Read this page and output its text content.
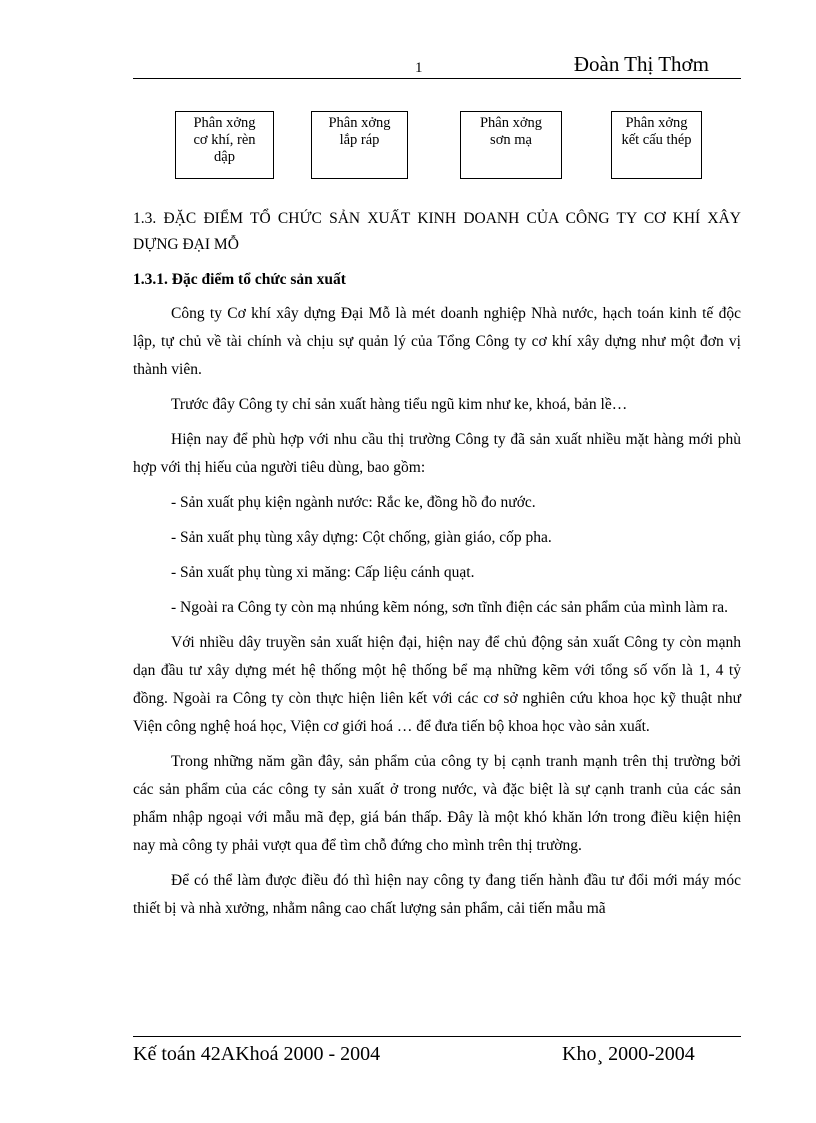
1	Đoàn Thị Thơm
Phân xởng
cơ khí, rèn
dập
Phân xởng
lắp ráp
Phân xởng
sơn mạ
Phân xởng
kết cấu thép

1.3. ĐẶC ĐIỂM TỔ CHỨC SẢN XUẤT KINH DOANH CỦA CÔNG TY CƠ KHÍ XÂY DỰNG ĐẠI MỖ

1.3.1. Đặc điểm tổ chức sản xuất

Công ty Cơ khí xây dựng Đại Mỗ là mét doanh nghiệp Nhà nước, hạch toán kinh tế độc lập, tự chủ về tài chính và chịu sự quản lý của Tổng Công ty cơ khí xây dựng như một đơn vị thành viên.

Trước đây Công ty chỉ sản xuất hàng tiểu ngũ kim như ke, khoá, bản lề…

Hiện nay để phù hợp với nhu cầu thị trường Công ty đã sản xuất nhiều mặt hàng mới phù hợp với thị hiếu của người tiêu dùng, bao gồm:

- Sản xuất phụ kiện ngành nước: Rắc ke, đồng hồ đo nước.

- Sản xuất phụ tùng xây dựng: Cột chống, giàn giáo, cốp pha.

- Sản xuất phụ tùng xi măng: Cấp liệu cánh quạt.

- Ngoài ra Công ty còn mạ nhúng kẽm nóng, sơn tĩnh điện các sản phẩm của mình làm ra.

Với nhiều dây truyền sản xuất hiện đại, hiện nay để chủ động sản xuất Công ty còn mạnh dạn đầu tư xây dựng mét hệ thống một hệ thống bể mạ những kẽm với tổng số vốn là 1, 4 tỷ đồng. Ngoài ra Công ty còn thực hiện liên kết với các cơ sở nghiên cứu khoa học kỹ thuật như Viện công nghệ hoá học, Viện cơ giới hoá … để đưa tiến bộ khoa học vào sản xuất.

Trong những năm gần đây, sản phẩm của công ty bị cạnh tranh mạnh trên thị trường bởi các sản phẩm của các công ty sản xuất ở trong nước, và đặc biệt là sự cạnh tranh của các sản phẩm nhập ngoại với mẫu mã đẹp, giá bán thấp. Đây là một khó khăn lớn trong điều kiện hiện nay mà công ty phải vượt qua để tìm chỗ đứng cho mình trên thị trường.

Để có thể làm được điều đó thì hiện nay công ty đang tiến hành đầu tư đổi mới máy móc thiết bị và nhà xưởng, nhằm nâng cao chất lượng sản phẩm, cải tiến mẫu mã

Kế toán 42AKhoá 2000 - 2004	Kho¸ 2000-2004
